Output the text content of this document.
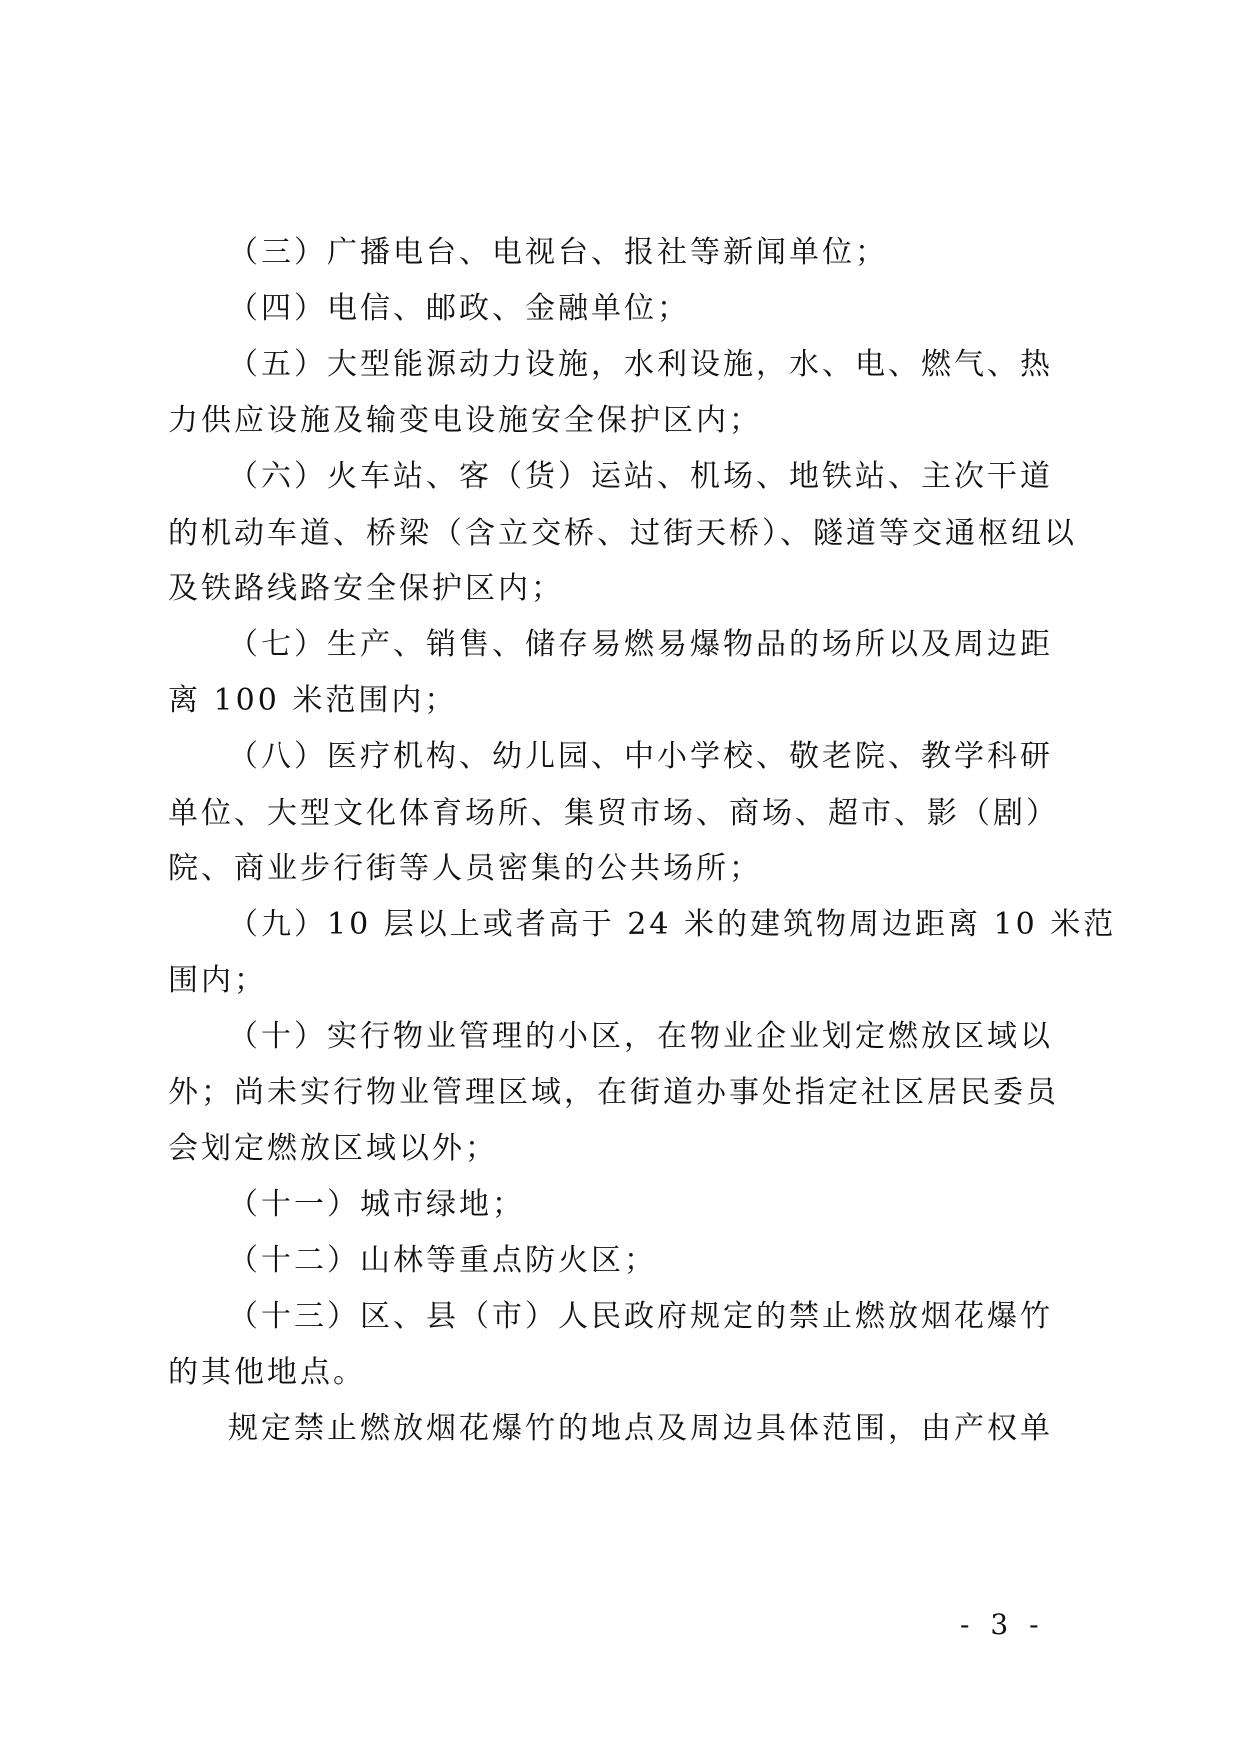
（三）广播电台、电视台、报社等新闻单位；
（四）电信、邮政、金融单位；
（五）大型能源动力设施，水利设施，水、电、燃气、热
力供应设施及输变电设施安全保护区内；
（六）火车站、客（货）运站、机场、地铁站、主次干道
的机动车道、桥梁（含立交桥、过街天桥）、隧道等交通枢纽以
及铁路线路安全保护区内；
（七）生产、销售、储存易燃易爆物品的场所以及周边距
离 100 米范围内；
（八）医疗机构、幼儿园、中小学校、敬老院、教学科研
单位、大型文化体育场所、集贸市场、商场、超市、影（剧）
院、商业步行街等人员密集的公共场所；
（九）10 层以上或者高于 24 米的建筑物周边距离 10 米范
围内；
（十）实行物业管理的小区，在物业企业划定燃放区域以
外；尚未实行物业管理区域，在街道办事处指定社区居民委员
会划定燃放区域以外；
（十一）城市绿地；
（十二）山林等重点防火区；
（十三）区、县（市）人民政府规定的禁止燃放烟花爆竹
的其他地点。
规定禁止燃放烟花爆竹的地点及周边具体范围，由产权单
- 3 -
